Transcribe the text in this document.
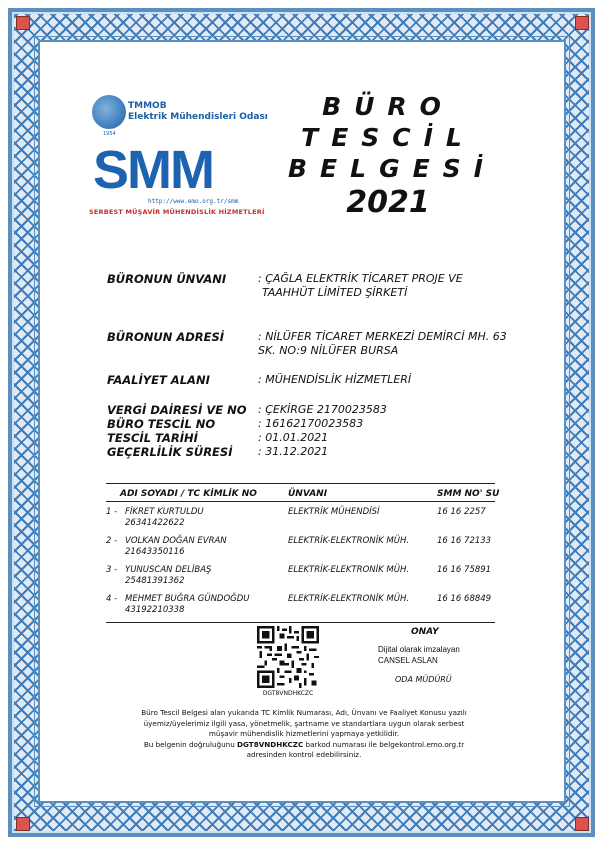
TMMOB
Elektrik Mühendisleri Odası
1954
SMM
http://www.emo.org.tr/smm
SERBEST MÜŞAVİR MÜHENDİSLİK HİZMETLERİ
BÜRO
TESCİL
BELGESİ
2021
BÜRONUN ÜNVANI	: ÇAĞLA ELEKTRİK TİCARET PROJE VE
TAAHHÜT LİMİTED ŞİRKETİ
BÜRONUN ADRESİ	: NİLÜFER TİCARET MERKEZİ DEMİRCİ MH. 63
SK. NO:9 NİLÜFER BURSA
FAALİYET ALANI	: MÜHENDİSLİK HİZMETLERİ
VERGİ DAİRESİ VE NO : ÇEKİRGE 2170023583
BÜRO TESCİL NO	: 16162170023583
TESCİL TARİHİ	: 01.01.2021
GEÇERLİLİK SÜRESİ : 31.12.2021
ADI SOYADI / TC KİMLİK NO	ÜNVANI	SMM NO' SU
1 - FİKRET KURTULDU
26341422622
ELEKTRİK MÜHENDİSİ	16 16 2257
2 - VOLKAN DOĞAN EVRAN
21643350116
ELEKTRİK-ELEKTRONİK MÜH.	16 16 72133
3 - YUNUSCAN DELİBAŞ
25481391362
ELEKTRİK-ELEKTRONİK MÜH.	16 16 75891
4 - MEHMET BUĞRA GÜNDOĞDU
43192210338
ELEKTRİK-ELEKTRONİK MÜH.	16 16 68849
DGT8VNDHKCZC
ONAY
Dijital olarak imzalayan
CANSEL ASLAN
ODA MÜDÜRÜ
Büro Tescil Belgesi alan yukarıda TC Kimlik Numarası, Adı, Ünvanı ve Faaliyet Konusu yazılı
üyemiz/üyelerimiz ilgili yasa, yönetmelik, şartname ve standartlara uygun olarak serbest
müşavir mühendislik hizmetlerini yapmaya yetkilidir.
Bu belgenin doğruluğunu DGT8VNDHKCZC barkod numarası ile belgekontrol.emo.org.tr
adresinden kontrol edebilirsiniz.
